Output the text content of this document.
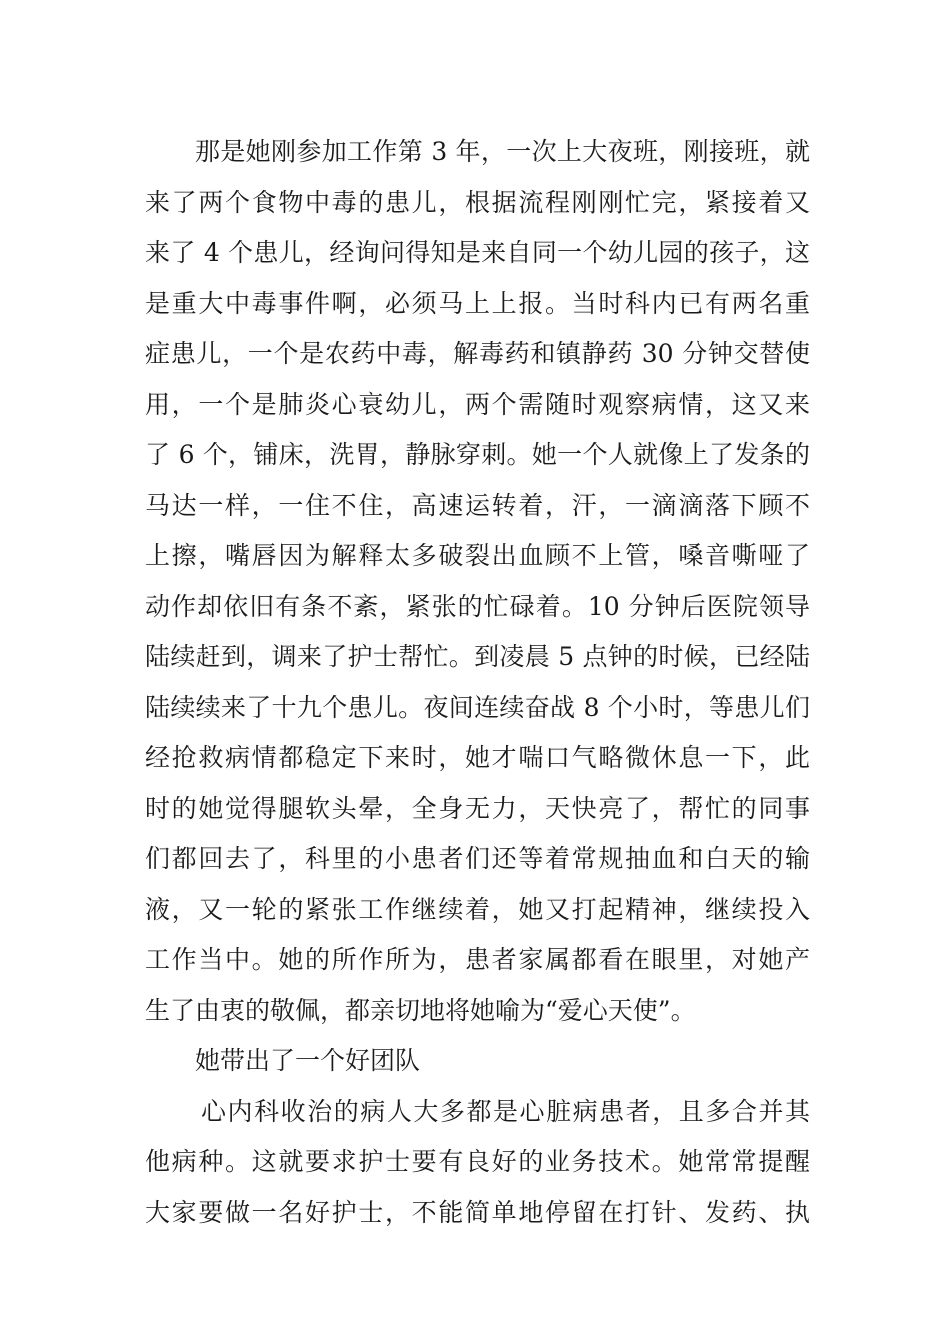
那是她刚参加工作第 3 年，一次上大夜班，刚接班，就
来了两个食物中毒的患儿，根据流程刚刚忙完，紧接着又
来了 4 个患儿，经询问得知是来自同一个幼儿园的孩子，这
是重大中毒事件啊，必须马上上报。当时科内已有两名重
症患儿，一个是农药中毒，解毒药和镇静药 30 分钟交替使
用，一个是肺炎心衰幼儿，两个需随时观察病情，这又来
了 6 个，铺床，洗胃，静脉穿刺。她一个人就像上了发条的
马达一样，一住不住，高速运转着，汗，一滴滴落下顾不
上擦，嘴唇因为解释太多破裂出血顾不上管，嗓音嘶哑了
动作却依旧有条不紊，紧张的忙碌着。10 分钟后医院领导
陆续赶到，调来了护士帮忙。到凌晨 5 点钟的时候，已经陆
陆续续来了十九个患儿。夜间连续奋战 8 个小时，等患儿们
经抢救病情都稳定下来时，她才喘口气略微休息一下，此
时的她觉得腿软头晕，全身无力，天快亮了，帮忙的同事
们都回去了，科里的小患者们还等着常规抽血和白天的输
液，又一轮的紧张工作继续着，她又打起精神，继续投入
工作当中。她的所作所为，患者家属都看在眼里，对她产
生了由衷的敬佩，都亲切地将她喻为“爱心天使”。
她带出了一个好团队
心内科收治的病人大多都是心脏病患者，且多合并其
他病种。这就要求护士要有良好的业务技术。她常常提醒
大家要做一名好护士，不能简单地停留在打针、发药、执
